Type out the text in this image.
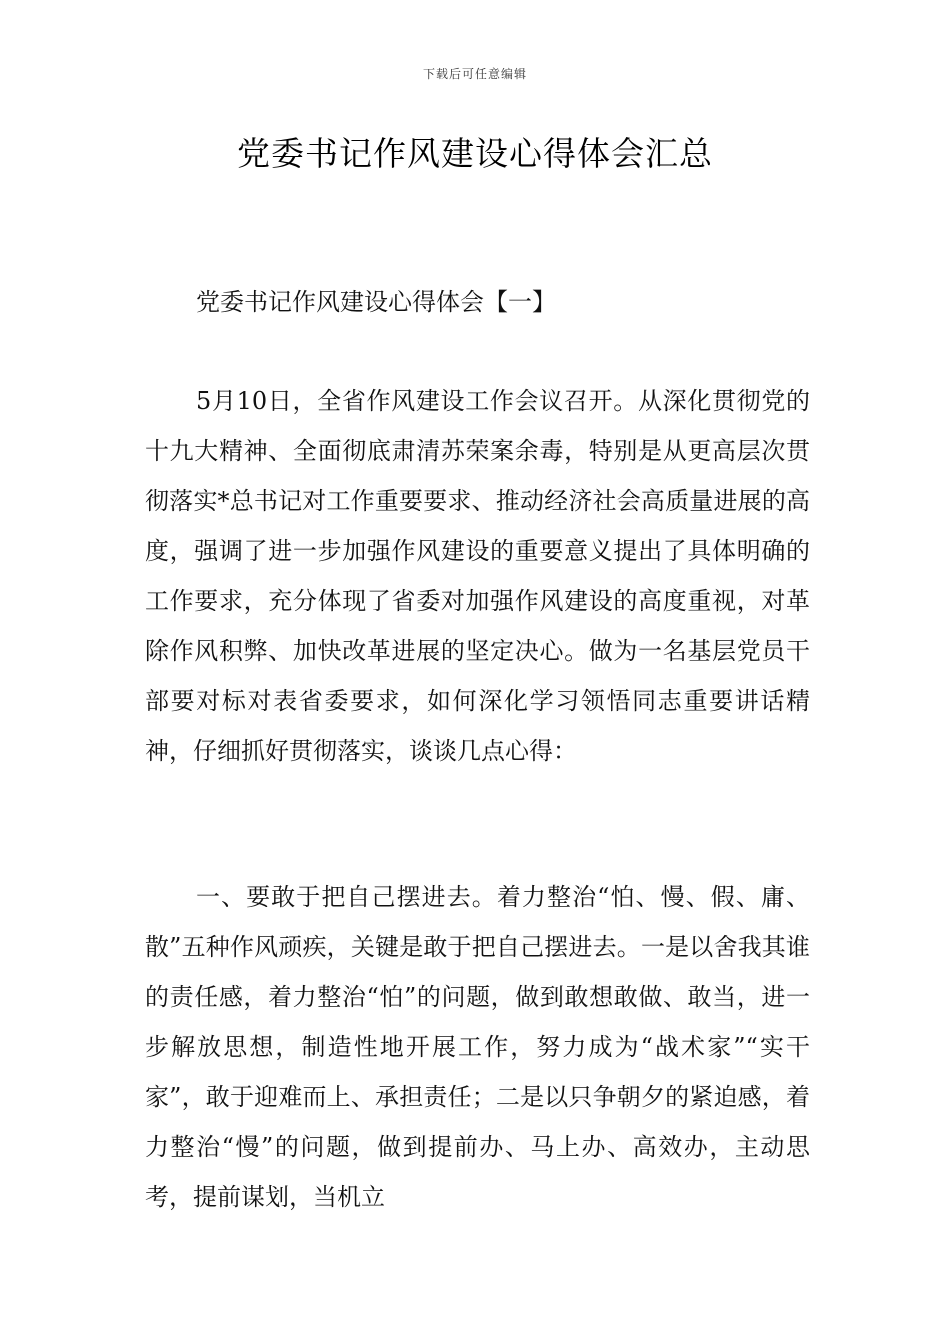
下载后可任意编辑
党委书记作风建设心得体会汇总
党委书记作风建设心得体会【一】

5月10日，全省作风建设工作会议召开。从深化贯彻党的十九大精神、全面彻底肃清苏荣案余毒，特别是从更高层次贯彻落实*总书记对工作重要要求、推动经济社会高质量进展的高度，强调了进一步加强作风建设的重要意义提出了具体明确的工作要求，充分体现了省委对加强作风建设的高度重视，对革除作风积弊、加快改革进展的坚定决心。做为一名基层党员干部要对标对表省委要求，如何深化学习领悟同志重要讲话精神，仔细抓好贯彻落实，谈谈几点心得：

一、要敢于把自己摆进去。着力整治“怕、慢、假、庸、散”五种作风顽疾，关键是敢于把自己摆进去。一是以舍我其谁的责任感，着力整治“怕”的问题，做到敢想敢做、敢当，进一步解放思想，制造性地开展工作，努力成为“战术家”“实干家”，敢于迎难而上、承担责任；二是以只争朝夕的紧迫感，着力整治“慢”的问题，做到提前办、马上办、高效办，主动思考，提前谋划，当机立
